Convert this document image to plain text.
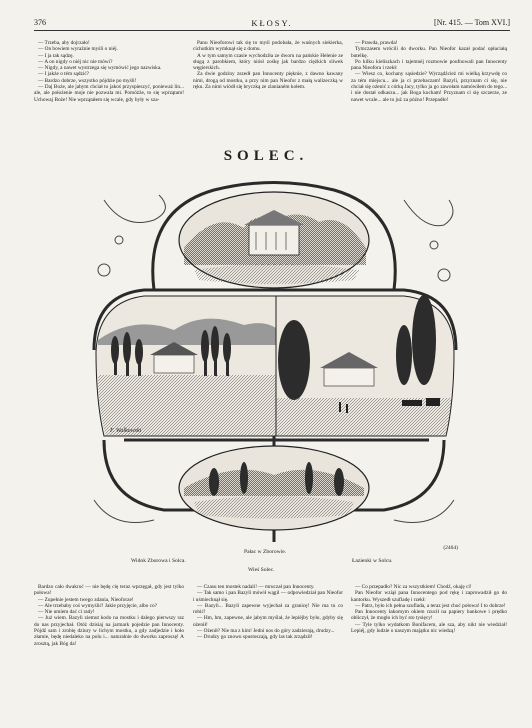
376	KŁOSY.	[Nr. 415. — Tom XVI.]

— Trzeba, aby dojrzało!

— On bowiem wyraźnie myśli o niéj.

— I ja tak sądzę.

— A on nigdy o niéj nic nie mówi?

— Nigdy, a nawet wystrzega się wymówić jego nazwiska.

— I jakże o tém sądzić?

— Bardzo dobrze, wszystko pójdzie po myśli!

— Daj Boże, ale jabym chciał to jakoś przyspieszyć, ponieważ lin... ale, ale położenie moje nie pozwala mi. Pomóżże, to się wprzątam! Uchowaj Boże! Nie wprzątałem się wcale, gdy były w sza-

Panu Nieoforowi tak się to myśl podobała, że waśnych siekierka, cichutkim wymknął się z domu.

A w tym samym czasie wychodziła ze dworu na pańskie Helenie ze sługą z parobkiem, który niósł zośkę jak bardzo ciężkich sliwek węgierskich.

Za dwie godziny zszedł pan Innocenty pięknie, z dawno kawany nimi, drogą od mostku, a przy nim pan Nieofor z małą walizeczką w ręku. Za nimi wiódł się bryczką ze zlanianém kołem.

— Prawda, prawda!

Tymczasem wrócili do dworku. Pan Nieofor kazał podać opłaciałą butelkę.

Po kilku kieliszkach i tajemnéj rozmowie poufnowali pan Innocenty pana Nieofora i rzekł:

— Wiesz co, kochany sąsiedzie? Wyrządźcież mi wielką krzywdę co za tém miejscu... ale ja ci przebaczam! Bazyli, przyznam ci się, nie chciał się ożenić z córką Jacy, tylko ja go zawołam namówiłem do tego... i nie dostał odkaszu... jak Boga kocham! Przyznam ci się szczerze, ze nawet wcale... ale to już za późno! Przepadło!

SOLEC.
F. Walkowski
(2464)
Pałac w Zborowie.
Widok Zborowa i Solca.	Łazienki w Solcu.
Wieś Solec.

Bardzo cało dwakroć — nie będę cię teraz wprzęgał, gdy jest tylko połowa!

— Zupełnie jestem twego zdania, Nieoforze!

— Ale trzebaby coś wymyślić! Jakie przyjęcie, albo co?

— Nie umiem dać ci rady!

— Już wiem. Bazyli ziemut kodo na mostku i dalego pierwszy raz do nas przyjechał. Otóż dzisiaj na jarmark pojedzie pan Innocenty. Pójdź sam i zrobię dziury w lichym mostku, a gdy zadjedzie i koło złamie, będę niedaleko na polu i... naturalnie do dworku zaproszę! A zrosztą, jak Bóg da!

— Czasu ten mostek nadali! — mruczał pan Innocenty.

— Tak samo i pan Bazyli mówił wągil — odpowiedział pan Nieofor i uśmiechnął się.

— Bazyli... Bazyli zapewne wyjechał za granicę! Nie ma tu co robić!

— Hm, hm, zapewne, ale jabym myślał, że lepiéjby było, gdyby się ożenił!

— Ożenił? Nie ma z kim! Jedni nos do góry zadzierają, drudzy...

— Drudzy go znowu spustoszają, gdy las tak zrządził!

— Co przepadło? Nic za wszystkiem! Chodź, okaję ci!

Pan Nieofor wziął pana Innocentego pod rękę i zaprowadził go do kantorku. Wyszedł szufladę i rzekł:

— Patrz, było ich pełna szuflada, a teraz jest choć połowa! I to dobrze!

Pan Innocenty łakomym okiem rzucił na papiery bankowe i prędko obliczył, że mogło ich być sto tysięcy!

— Tyle tylko wydatkom Bonifacem, ale sza, aby nikt nie wiedział! Lepiéj, gdy ludzie o naszym majątku nic wiedzą!
